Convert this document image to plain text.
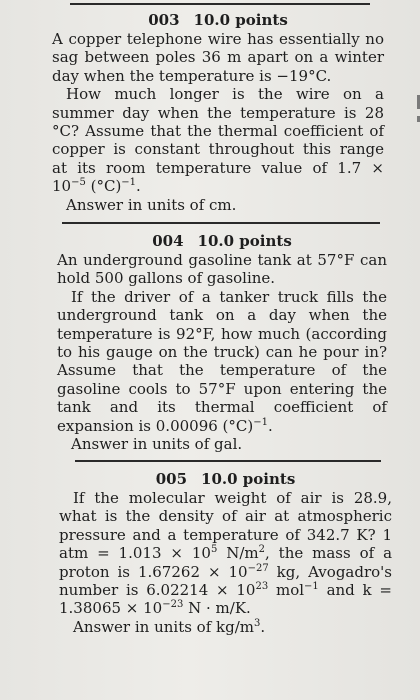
003 10.0 points

A copper telephone wire has essentially no sag between poles 36 m apart on a winter day when the temperature is −19°C.

How much longer is the wire on a summer day when the temperature is 28 °C? Assume that the thermal coefficient of copper is constant throughout this range at its room temperature value of $1.7 \times 10^{-5}$ $(^\circ C)^{-1}$.

Answer in units of cm.
004 10.0 points

An underground gasoline tank at 57°F can hold 500 gallons of gasoline.

If the driver of a tanker truck fills the underground tank on a day when the temperature is 92°F, how much (according to his gauge on the truck) can he pour in? Assume that the temperature of the gasoline cools to 57°F upon entering the tank and its thermal coefficient of expansion is 0.00096 $(^\circ C)^{-1}$.

Answer in units of gal.
005 10.0 points

If the molecular weight of air is 28.9, what is the density of air at atmospheric pressure and a temperature of 342.7 K? 1 atm = $1.013 \times 10^5$ $N/m^2$, the mass of a proton is $1.67262 \times 10^{-27}$ kg, Avogadro's number is $6.02214 \times 10^{23}$ mol$^{-1}$ and $k = 1.38065 \times 10^{-23}$ N · m/K.

Answer in units of $kg/m^3$.
